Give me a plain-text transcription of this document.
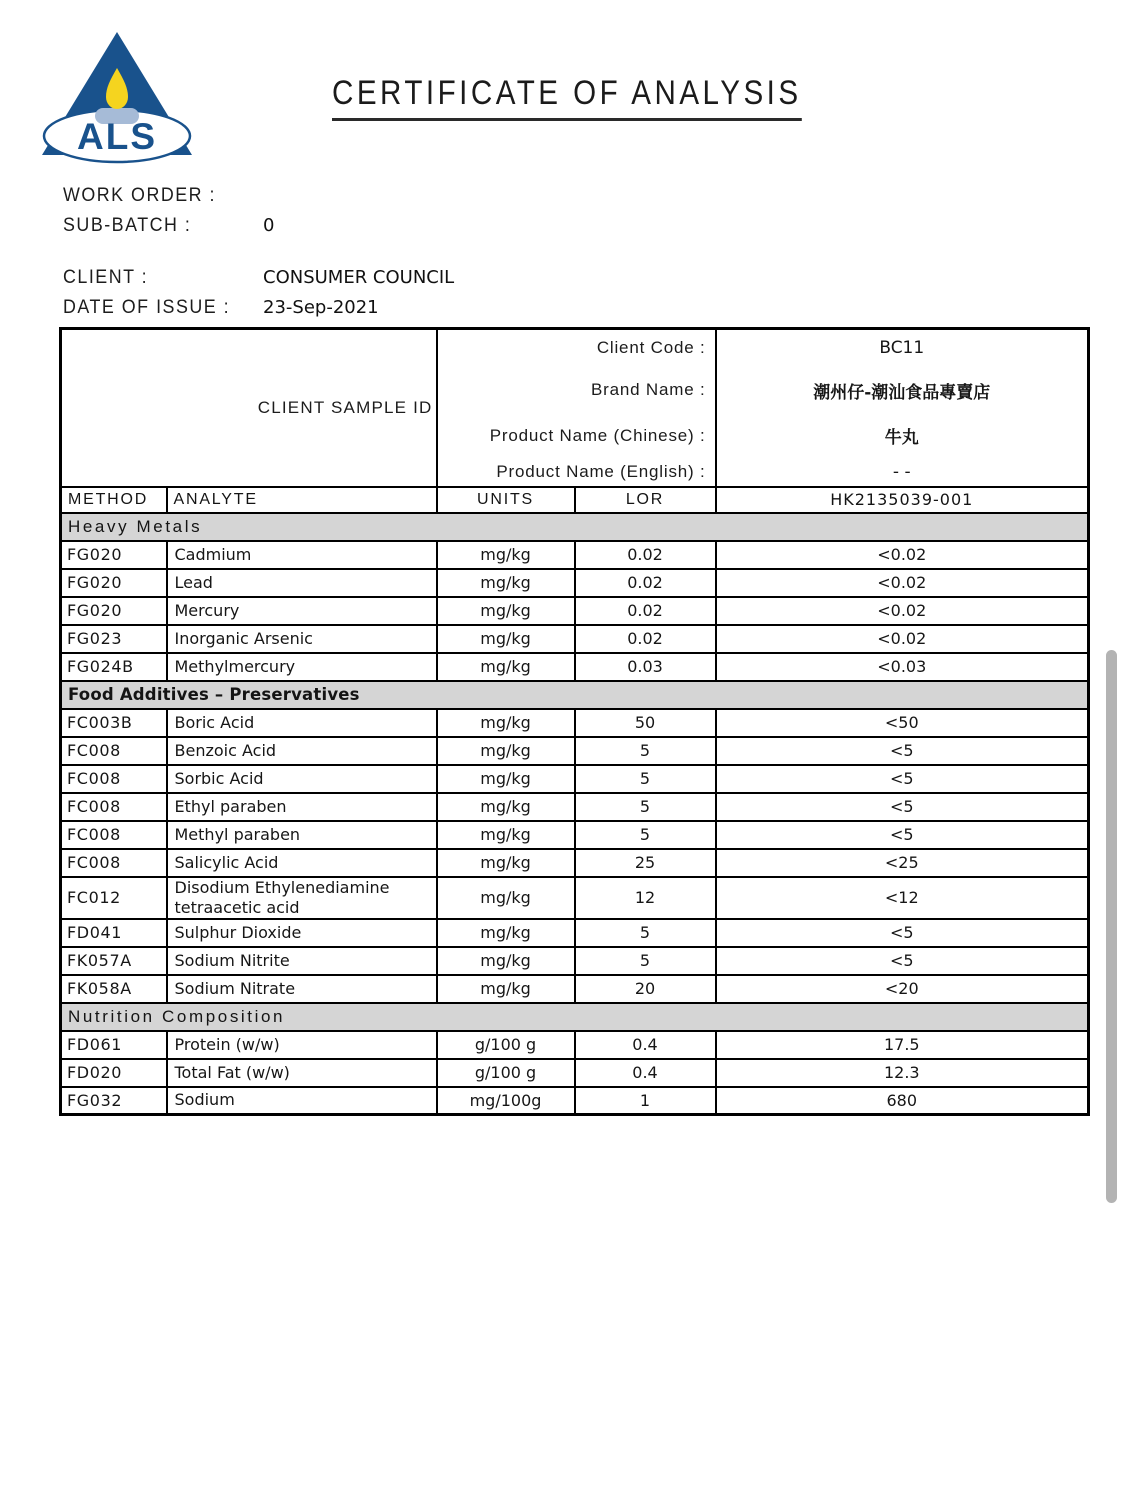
ALS
CERTIFICATE OF ANALYSIS
WORK ORDER :
SUB-BATCH :	0
CLIENT :	CONSUMER COUNCIL
DATE OF ISSUE : 23-Sep-2021
CLIENT SAMPLE ID		Client Code :		BC11
		Brand Name :		潮州仔-潮汕食品專賣店
		Product Name (Chinese) :		牛丸
		Product Name (English) :		- -
METHOD	ANALYTE	UNITS	LOR	HK2135039-001
Heavy Metals				
FG020	Cadmium	mg/kg	0.02	<0.02
FG020	Lead	mg/kg	0.02	<0.02
FG020	Mercury	mg/kg	0.02	<0.02
FG023	Inorganic Arsenic	mg/kg	0.02	<0.02
FG024B	Methylmercury	mg/kg	0.03	<0.03
Food Additives – Preservatives				
FC003B	Boric Acid	mg/kg	50	<50
FC008	Benzoic Acid	mg/kg	5	<5
FC008	Sorbic Acid	mg/kg	5	<5
FC008	Ethyl paraben	mg/kg	5	<5
FC008	Methyl paraben	mg/kg	5	<5
FC008	Salicylic Acid	mg/kg	25	<25
FC012	Disodium Ethylenediamine tetraacetic acid	mg/kg	12	<12
FD041	Sulphur Dioxide	mg/kg	5	<5
FK057A	Sodium Nitrite	mg/kg	5	<5
FK058A	Sodium Nitrate	mg/kg	20	<20
Nutrition Composition				
FD061	Protein (w/w)	g/100 g	0.4	17.5
FD020	Total Fat (w/w)	g/100 g	0.4	12.3
FG032	Sodium	mg/100g	1	680
